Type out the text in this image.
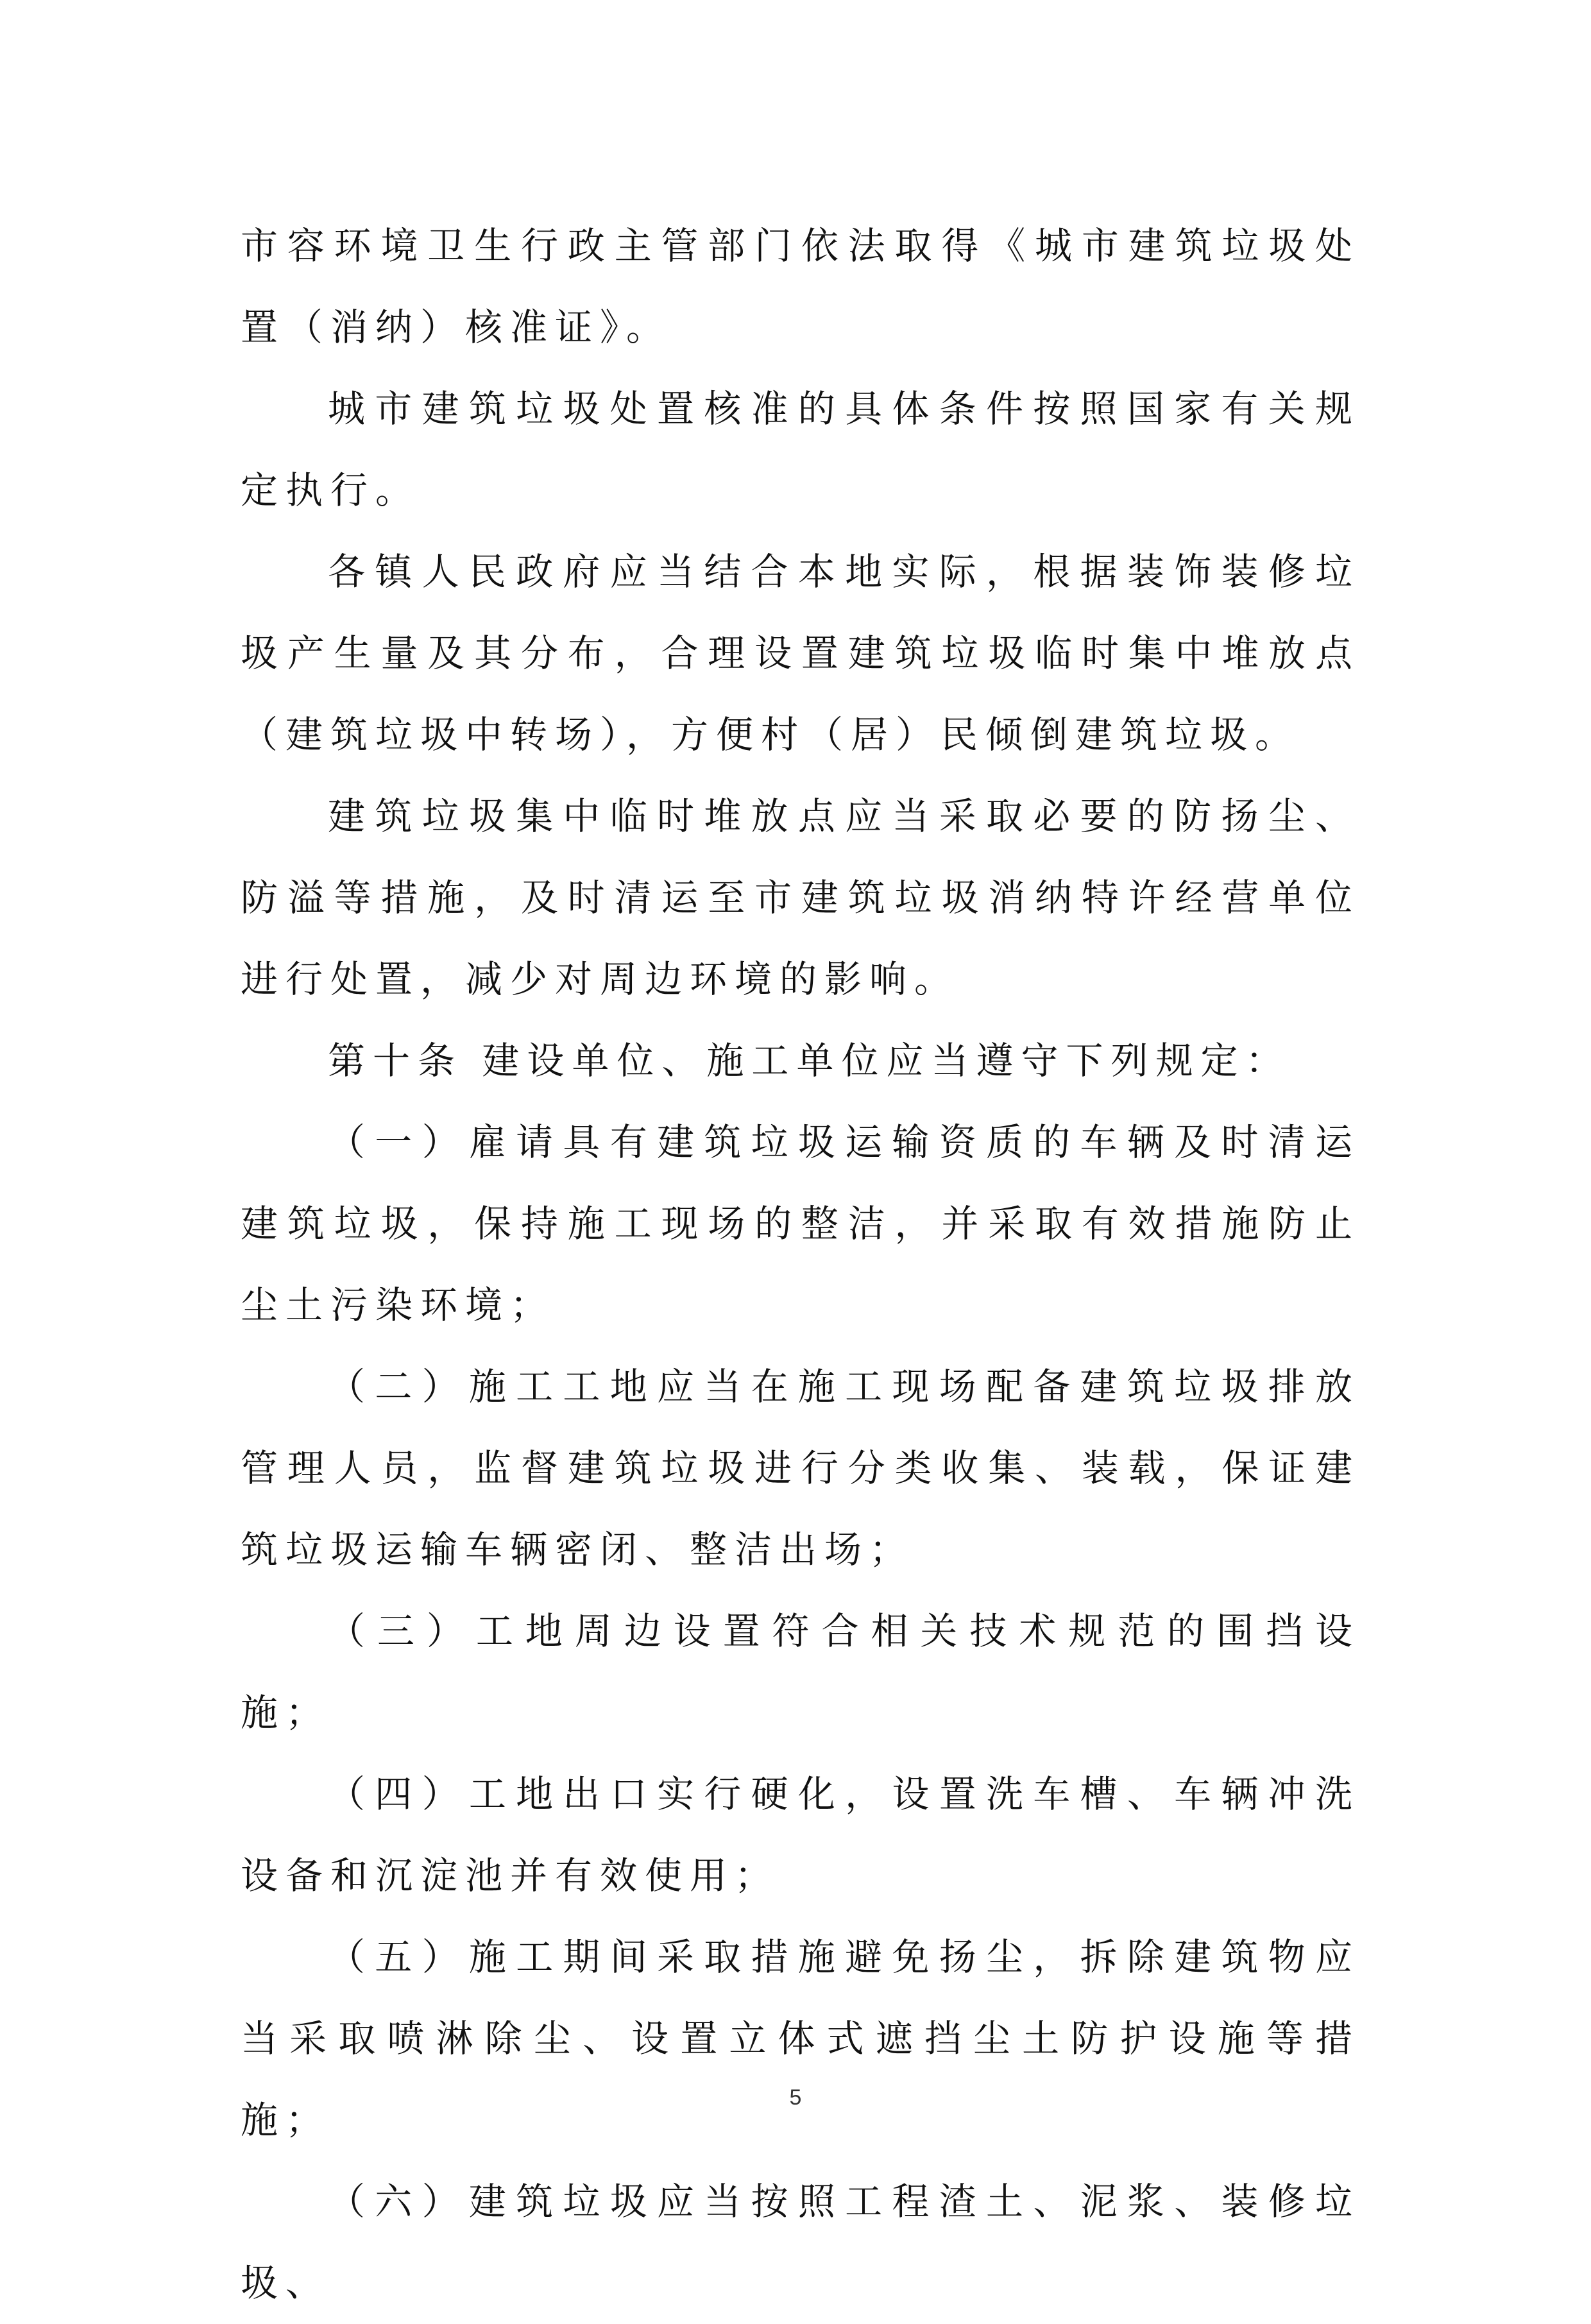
市容环境卫生行政主管部门依法取得《城市建筑垃圾处置（消纳）核准证》。

城市建筑垃圾处置核准的具体条件按照国家有关规定执行。

各镇人民政府应当结合本地实际，根据装饰装修垃圾产生量及其分布，合理设置建筑垃圾临时集中堆放点（建筑垃圾中转场），方便村（居）民倾倒建筑垃圾。

建筑垃圾集中临时堆放点应当采取必要的防扬尘、防溢等措施，及时清运至市建筑垃圾消纳特许经营单位进行处置，减少对周边环境的影响。

第十条 建设单位、施工单位应当遵守下列规定：

（一）雇请具有建筑垃圾运输资质的车辆及时清运建筑垃圾，保持施工现场的整洁，并采取有效措施防止尘土污染环境；

（二）施工工地应当在施工现场配备建筑垃圾排放管理人员，监督建筑垃圾进行分类收集、装载，保证建筑垃圾运输车辆密闭、整洁出场；

（三）工地周边设置符合相关技术规范的围挡设施；

（四）工地出口实行硬化，设置洗车槽、车辆冲洗设备和沉淀池并有效使用；

（五）施工期间采取措施避免扬尘，拆除建筑物应当采取喷淋除尘、设置立体式遮挡尘土防护设施等措施；

（六）建筑垃圾应当按照工程渣土、泥浆、装修垃圾、

5
